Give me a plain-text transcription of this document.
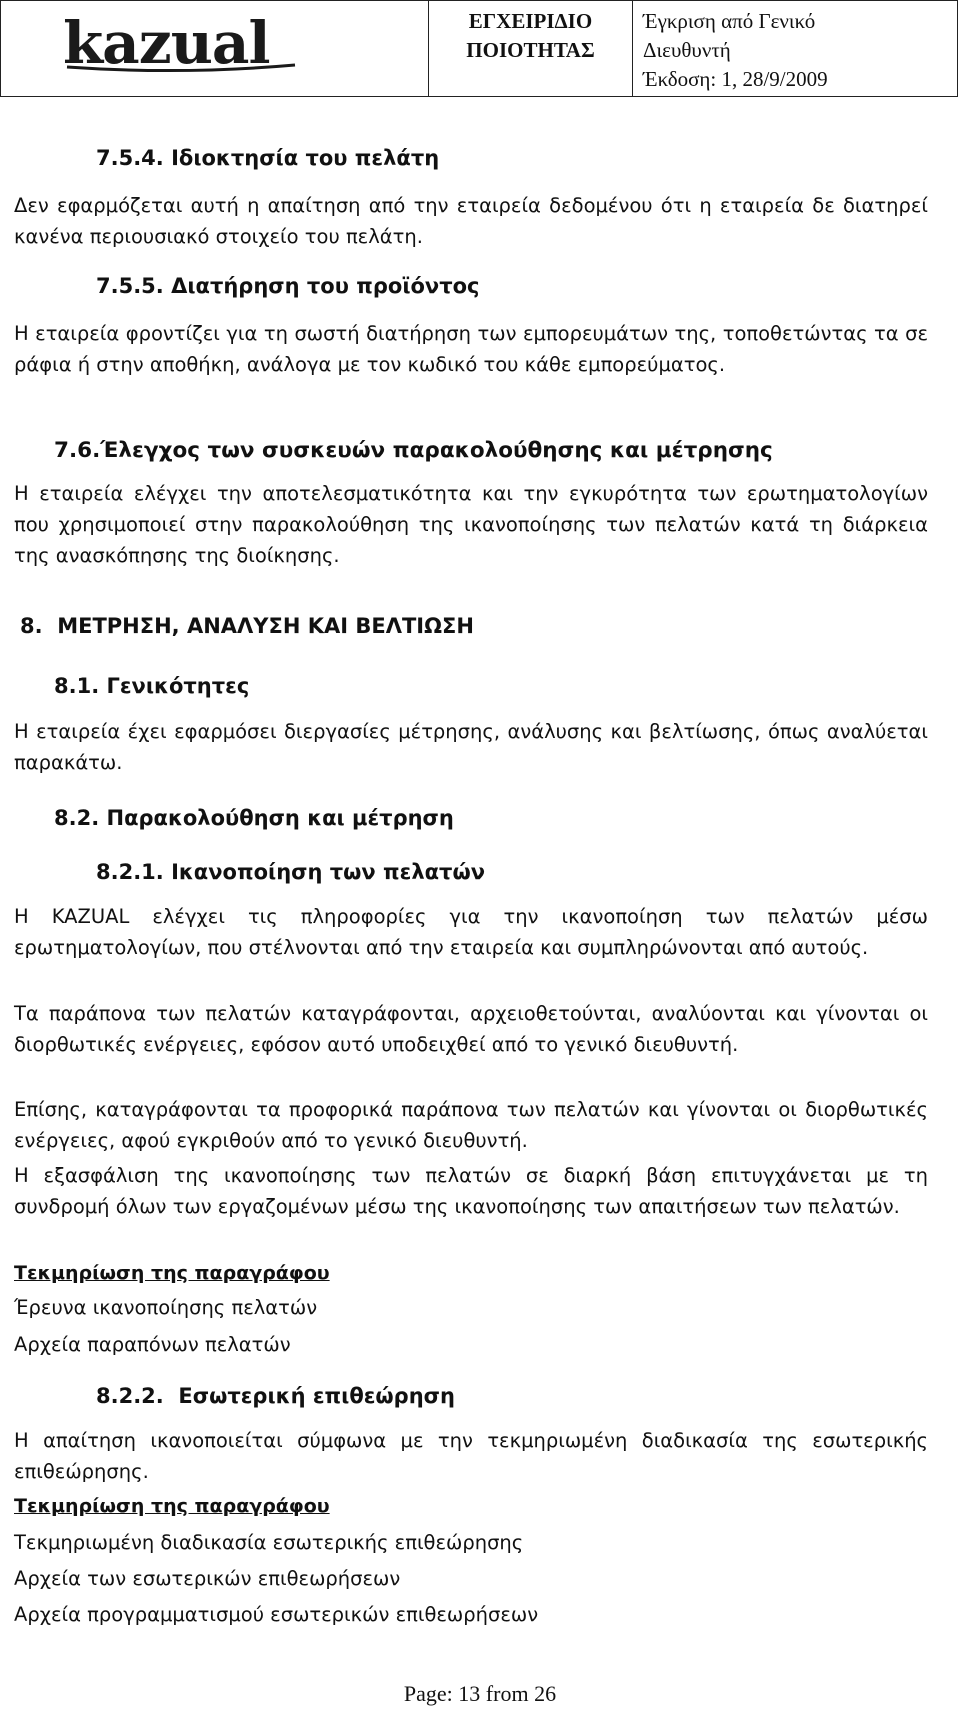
kazual	ΕΓΧΕΙΡΙΔΙΟ
ΠΟΙΟΤΗΤΑΣ
Έγκριση από Γενικό
Διευθυντή
Έκδοση: 1, 28/9/2009
7.5.4. Ιδιοκτησία του πελάτη
Δεν εφαρμόζεται αυτή η απαίτηση από την εταιρεία δεδομένου ότι η εταιρεία δε διατηρεί κανένα περιουσιακό στοιχείο του πελάτη.
7.5.5. Διατήρηση του προϊόντος
Η εταιρεία φροντίζει για τη σωστή διατήρηση των εμπορευμάτων της, τοποθετώντας τα σε ράφια ή στην αποθήκη, ανάλογα με τον κωδικό του κάθε εμπορεύματος.
7.6.Έλεγχος των συσκευών παρακολούθησης και μέτρησης
Η εταιρεία ελέγχει την αποτελεσματικότητα και την εγκυρότητα των ερωτηματολογίων που χρησιμοποιεί στην παρακολούθηση της ικανοποίησης των πελατών κατά τη διάρκεια της ανασκόπησης της διοίκησης.
8.  ΜΕΤΡΗΣΗ, ΑΝΑΛΥΣΗ ΚΑΙ ΒΕΛΤΙΩΣΗ
8.1. Γενικότητες
Η εταιρεία έχει εφαρμόσει διεργασίες μέτρησης, ανάλυσης και βελτίωσης, όπως αναλύεται παρακάτω.
8.2. Παρακολούθηση και μέτρηση
8.2.1. Ικανοποίηση των πελατών
Η KAZUAL ελέγχει τις πληροφορίες για την ικανοποίηση των πελατών μέσω ερωτηματολογίων, που στέλνονται από την εταιρεία και συμπληρώνονται από αυτούς.
Τα παράπονα των πελατών καταγράφονται, αρχειοθετούνται, αναλύονται και γίνονται οι διορθωτικές ενέργειες, εφόσον αυτό υποδειχθεί από το γενικό διευθυντή.
Επίσης, καταγράφονται τα προφορικά παράπονα των πελατών και γίνονται οι διορθωτικές ενέργειες, αφού εγκριθούν από το γενικό διευθυντή.
Η εξασφάλιση της ικανοποίησης των πελατών σε διαρκή βάση επιτυγχάνεται με τη συνδρομή όλων των εργαζομένων μέσω της ικανοποίησης των απαιτήσεων των πελατών.
Τεκμηρίωση της παραγράφου
Έρευνα ικανοποίησης πελατών
Αρχεία παραπόνων πελατών
8.2.2.  Εσωτερική επιθεώρηση
Η απαίτηση ικανοποιείται σύμφωνα με την τεκμηριωμένη διαδικασία της εσωτερικής επιθεώρησης.
Τεκμηρίωση της παραγράφου
Τεκμηριωμένη διαδικασία εσωτερικής επιθεώρησης
Αρχεία των εσωτερικών επιθεωρήσεων
Αρχεία προγραμματισμού εσωτερικών επιθεωρήσεων
Page: 13 from 26
